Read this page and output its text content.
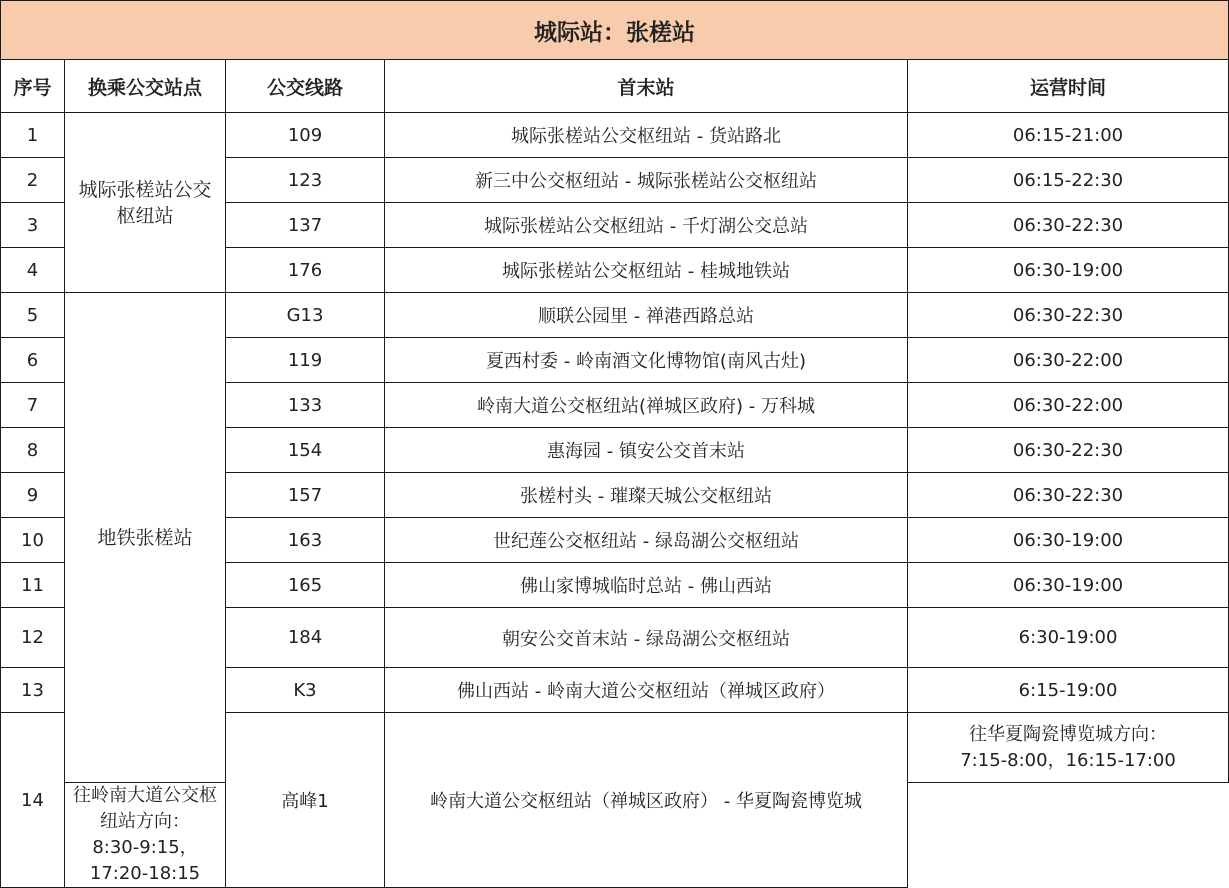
城际站：张槎站				
序号	换乘公交站点	公交线路	首末站	运营时间
1	城际张槎站公交枢纽站	109	城际张槎站公交枢纽站 - 货站路北	06:15-21:00
2		123	新三中公交枢纽站 - 城际张槎站公交枢纽站	06:15-22:30
3		137	城际张槎站公交枢纽站 - 千灯湖公交总站	06:30-22:30
4		176	城际张槎站公交枢纽站 - 桂城地铁站	06:30-19:00
5	地铁张槎站	G13	顺联公园里 - 禅港西路总站	06:30-22:30
6		119	夏西村委 - 岭南酒文化博物馆(南风古灶)	06:30-22:00
7		133	岭南大道公交枢纽站(禅城区政府) - 万科城	06:30-22:00
8		154	惠海园 - 镇安公交首末站	06:30-22:30
9		157	张槎村头 - 璀璨天城公交枢纽站	06:30-22:30
10		163	世纪莲公交枢纽站 - 绿岛湖公交枢纽站	06:30-19:00
11		165	佛山家博城临时总站 - 佛山西站	06:30-19:00
12		184	朝安公交首末站 - 绿岛湖公交枢纽站	6:30-19:00
13		K3	佛山西站 - 岭南大道公交枢纽站（禅城区政府）	6:15-19:00
14		高峰1	岭南大道公交枢纽站（禅城区政府） - 华夏陶瓷博览城	往华夏陶瓷博览城方向：
7:15-8:00，16:15-17:00

	往岭南大道公交枢纽站方向：
8:30-9:15，17:20-18:15			
